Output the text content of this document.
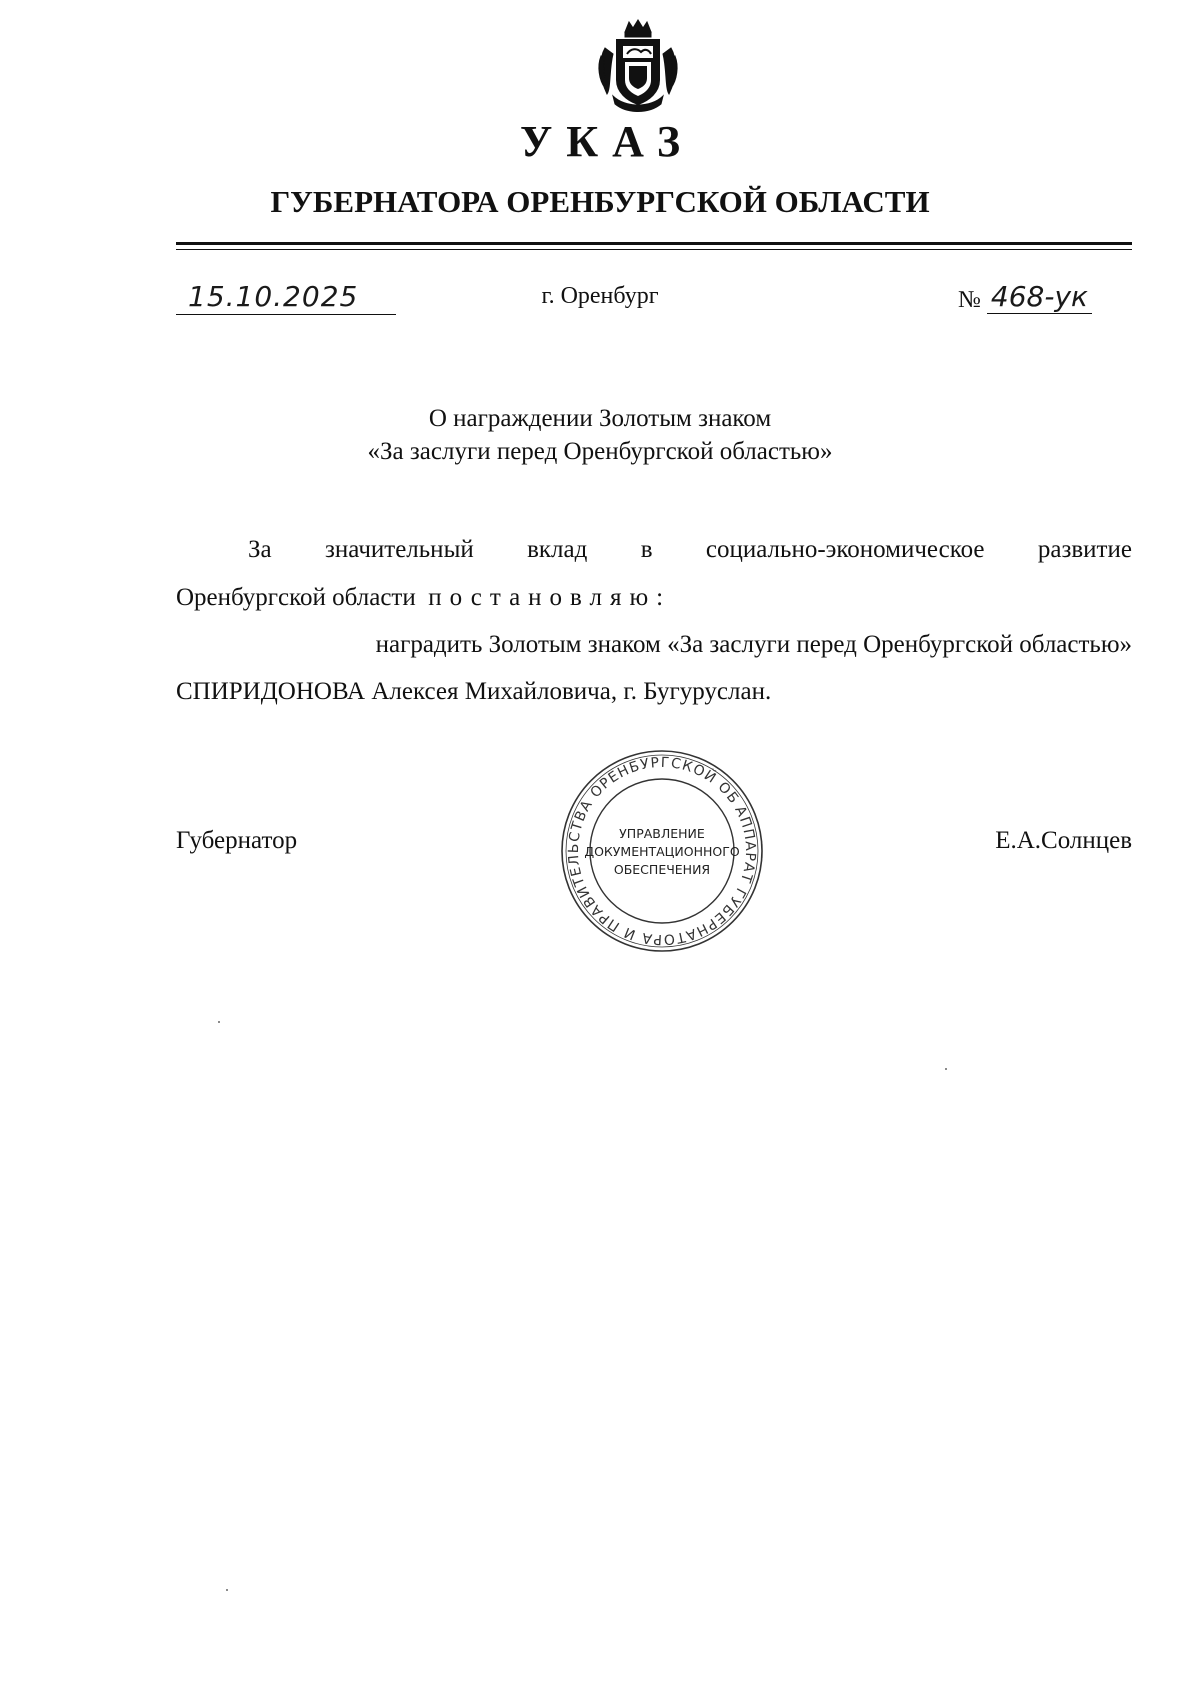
УКАЗ
ГУБЕРНАТОРА ОРЕНБУРГСКОЙ ОБЛАСТИ
15.10.2025	г. Оренбург	№ 468-ук
О награждении Золотым знаком
«За заслуги перед Оренбургской областью»
За значительный вклад в социально-экономическое развитие
Оренбургской области постановляю:
наградить Золотым знаком «За заслуги перед Оренбургской областью»
СПИРИДОНОВА Алексея Михайловича, г. Бугуруслан.
Губернатор	Е.А.Солнцев
АППАРАТ ГУБЕРНАТОРА И ПРАВИТЕЛЬСТВА ОРЕНБУРГСКОЙ ОБЛАСТИ
УПРАВЛЕНИЕ
ДОКУМЕНТАЦИОННОГО
ОБЕСПЕЧЕНИЯ
